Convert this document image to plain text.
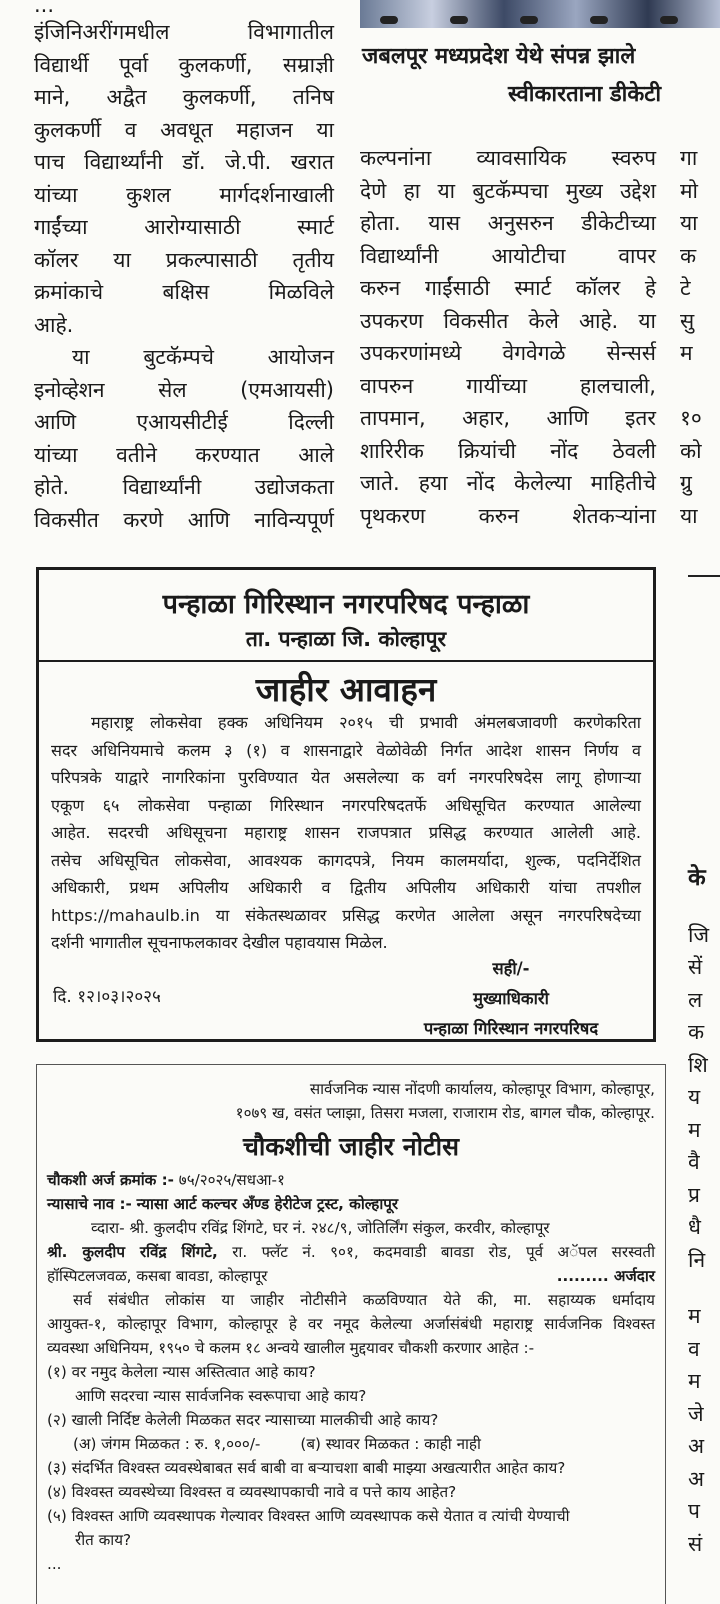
...
इंजिनिअरींगमधील विभागातील
विद्यार्थी पूर्वा कुलकर्णी, सम्राज्ञी
माने, अद्वैत कुलकर्णी, तनिष
कुलकर्णी व अवधूत महाजन या
पाच विद्यार्थ्यांनी डॉ. जे.पी. खरात
यांच्या कुशल मार्गदर्शनाखाली
गाईंच्या आरोग्यासाठी स्मार्ट
कॉलर या प्रकल्पासाठी तृतीय
क्रमांकाचे बक्षिस मिळविले
आहे.
या बुटकॅम्पचे आयोजन
इनोव्हेशन सेल (एमआयसी)
आणि एआयसीटीई दिल्ली
यांच्या वतीने करण्यात आले
होते. विद्यार्थ्यांनी उद्योजकता
विकसीत करणे आणि नाविन्यपूर्ण
जबलपूर मध्यप्रदेश येथे संपन्न झाले
स्वीकारताना डीकेटी
कल्पनांना व्यावसायिक स्वरुप
देणे हा या बुटकॅम्पचा मुख्य उद्देश
होता. यास अनुसरुन डीकेटीच्या
विद्यार्थ्यांनी आयोटीचा वापर
करुन गाईंसाठी स्मार्ट कॉलर हे
उपकरण विकसीत केले आहे. या
उपकरणांमध्ये वेगवेगळे सेन्सर्स
वापरुन गायींच्या हालचाली,
तापमान, अहार, आणि इतर
शारिरीक क्रियांची नोंद ठेवली
जाते. हया नोंद केलेल्या माहितीचे
पृथकरण करुन शेतकऱ्यांना
गा
मो
या
क
टे
सु
म
१०
को
ग्रु
या
के
जि
सें
ल
क
शि
य
म
वै
प्र
धै
नि
म
व
म
जे
अ
अ
प
सं
पन्हाळा गिरिस्थान नगरपरिषद पन्हाळा
ता. पन्हाळा जि. कोल्हापूर
जाहीर आवाहन
महाराष्ट्र लोकसेवा हक्क अधिनियम २०१५ ची प्रभावी अंमलबजावणी करणेकरिता
सदर अधिनियमाचे कलम ३ (१) व शासनाद्वारे वेळोवेळी निर्गत आदेश शासन निर्णय व
परिपत्रके याद्वारे नागरिकांना पुरविण्यात येत असलेल्या क वर्ग नगरपरिषदेस लागू होणाऱ्या
एकूण ६५ लोकसेवा पन्हाळा गिरिस्थान नगरपरिषदतर्फे अधिसूचित करण्यात आलेल्या
आहेत. सदरची अधिसूचना महाराष्ट्र शासन राजपत्रात प्रसिद्ध करण्यात आलेली आहे.
तसेच अधिसूचित लोकसेवा, आवश्यक कागदपत्रे, नियम कालमर्यादा, शुल्क, पदनिर्देशित
अधिकारी, प्रथम अपिलीय अधिकारी व द्वितीय अपिलीय अधिकारी यांचा तपशील
https://mahaulb.in या संकेतस्थळावर प्रसिद्ध करणेत आलेला असून नगरपरिषदेच्या
दर्शनी भागातील सूचनाफलकावर देखील पहावयास मिळेल.
दि. १२।०३।२०२५
सही/-
मुख्याधिकारी
पन्हाळा गिरिस्थान नगरपरिषद
सार्वजनिक न्यास नोंदणी कार्यालय, कोल्हापूर विभाग, कोल्हापूर,
१०७९ ख, वसंत प्लाझा, तिसरा मजला, राजाराम रोड, बागल चौक, कोल्हापूर.
चौकशीची जाहीर नोटीस
चौकशी अर्ज क्रमांक :- ७५/२०२५/सधआ-१
न्यासाचे नाव :- न्यासा आर्ट कल्चर अँण्ड हेरीटेज ट्रस्ट, कोल्हापूर
व्दारा- श्री. कुलदीप रविंद्र शिंगटे, घर नं. २४८/९, जोतिर्लिंग संकुल, करवीर, कोल्हापूर
श्री. कुलदीप रविंद्र शिंगटे, रा. फ्लॅट नं. ९०१, कदमवाडी बावडा रोड, पूर्व अॅपल सरस्वती
हॉस्पिटलजवळ, कसबा बावडा, कोल्हापूर	......... अर्जदार
सर्व संबंधीत लोकांस या जाहीर नोटीसीने कळविण्यात येते की, मा. सहाय्यक धर्मादाय
आयुक्त-१, कोल्हापूर विभाग, कोल्हापूर हे वर नमूद केलेल्या अर्जासंबंधी महाराष्ट्र सार्वजनिक विश्वस्त
व्यवस्था अधिनियम, १९५० चे कलम १८ अन्वये खालील मुद्दयावर चौकशी करणार आहेत :-
(१) वर नमुद केलेला न्यास अस्तित्वात आहे काय?
आणि सदरचा न्यास सार्वजनिक स्वरूपाचा आहे काय?
(२) खाली निर्दिष्ट केलेली मिळकत सदर न्यासाच्या मालकीची आहे काय?
(अ) जंगम मिळकत : रु. १,०००/-	(ब) स्थावर मिळकत : काही नाही
(३) संदर्भित विश्वस्त व्यवस्थेबाबत सर्व बाबी वा बऱ्याचशा बाबी माझ्या अखत्यारीत आहेत काय?
(४) विश्वस्त व्यवस्थेच्या विश्वस्त व व्यवस्थापकाची नावे व पत्ते काय आहेत?
(५) विश्वस्त आणि व्यवस्थापक गेल्यावर विश्वस्त आणि व्यवस्थापक कसे येतात व त्यांची येण्याची
रीत काय?
...
